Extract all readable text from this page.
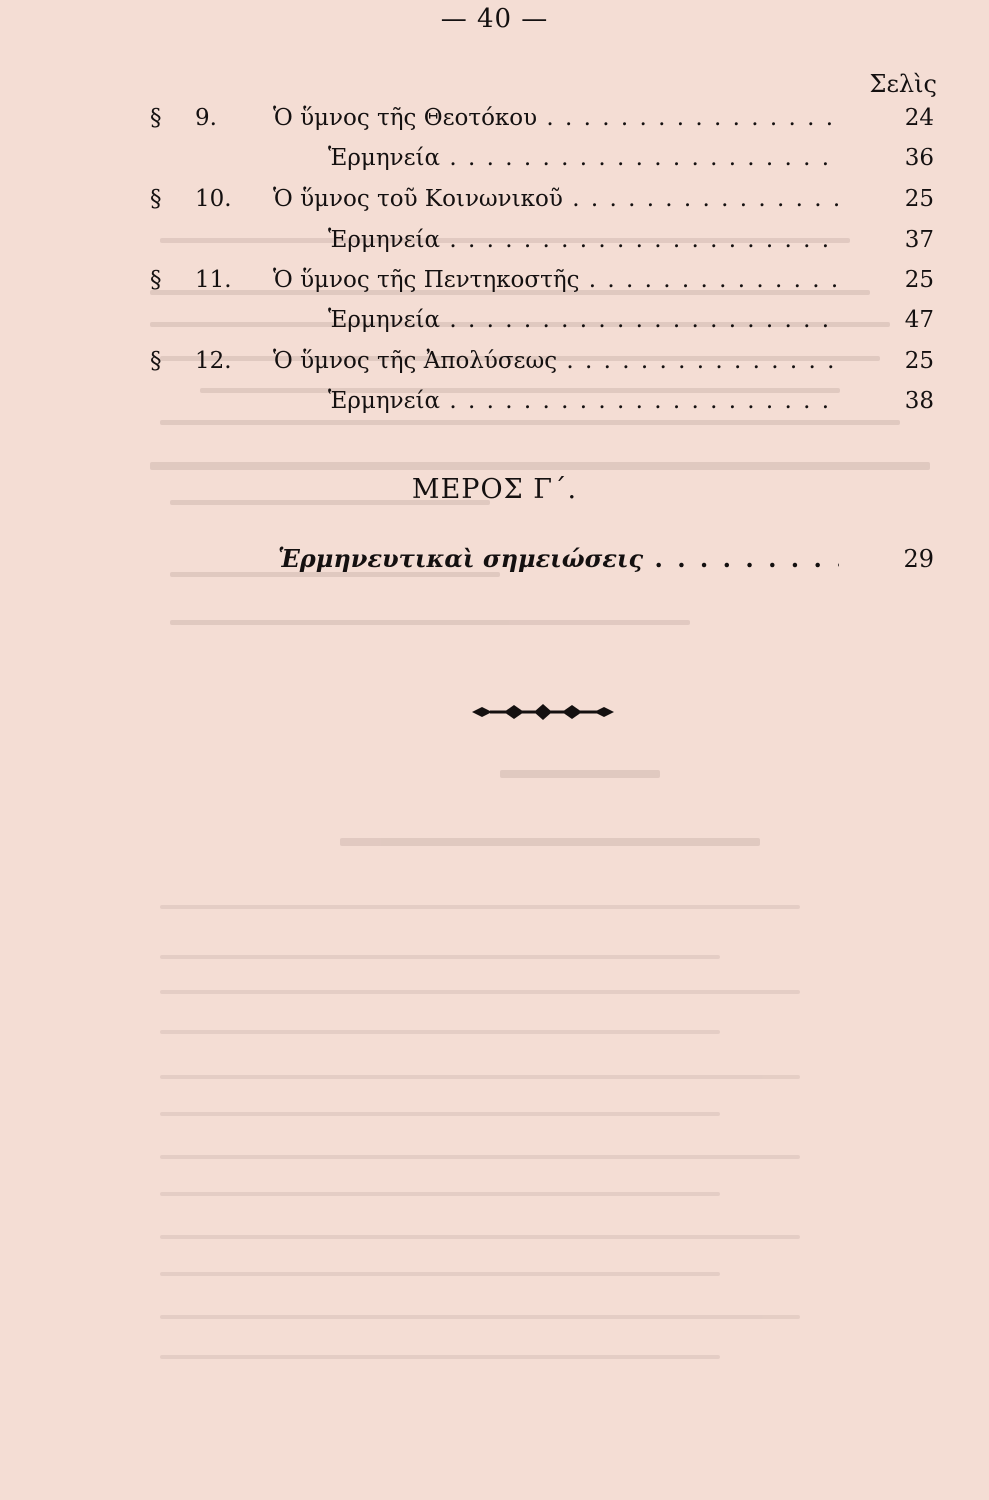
— 40 —
Σελὶς
§ 9. Ὁ ὕμνος τῆς Θεοτόκου . . .	24
Ἑρμηνεία . . .	36
§ 10. Ὁ ὕμνος τοῦ Κοινωνικοῦ . . .	25
Ἑρμηνεία . . .	37
§ 11. Ὁ ὕμνος τῆς Πεντηκοστῆς . . .	25
Ἑρμηνεία . . .	47
§ 12. Ὁ ὕμνος τῆς Ἀπολύσεως . . .	25
Ἑρμηνεία . . .	38
ΜΕΡΟΣ Γ΄.
Ἑρμηνευτικαὶ σημειώσεις . . .	29
